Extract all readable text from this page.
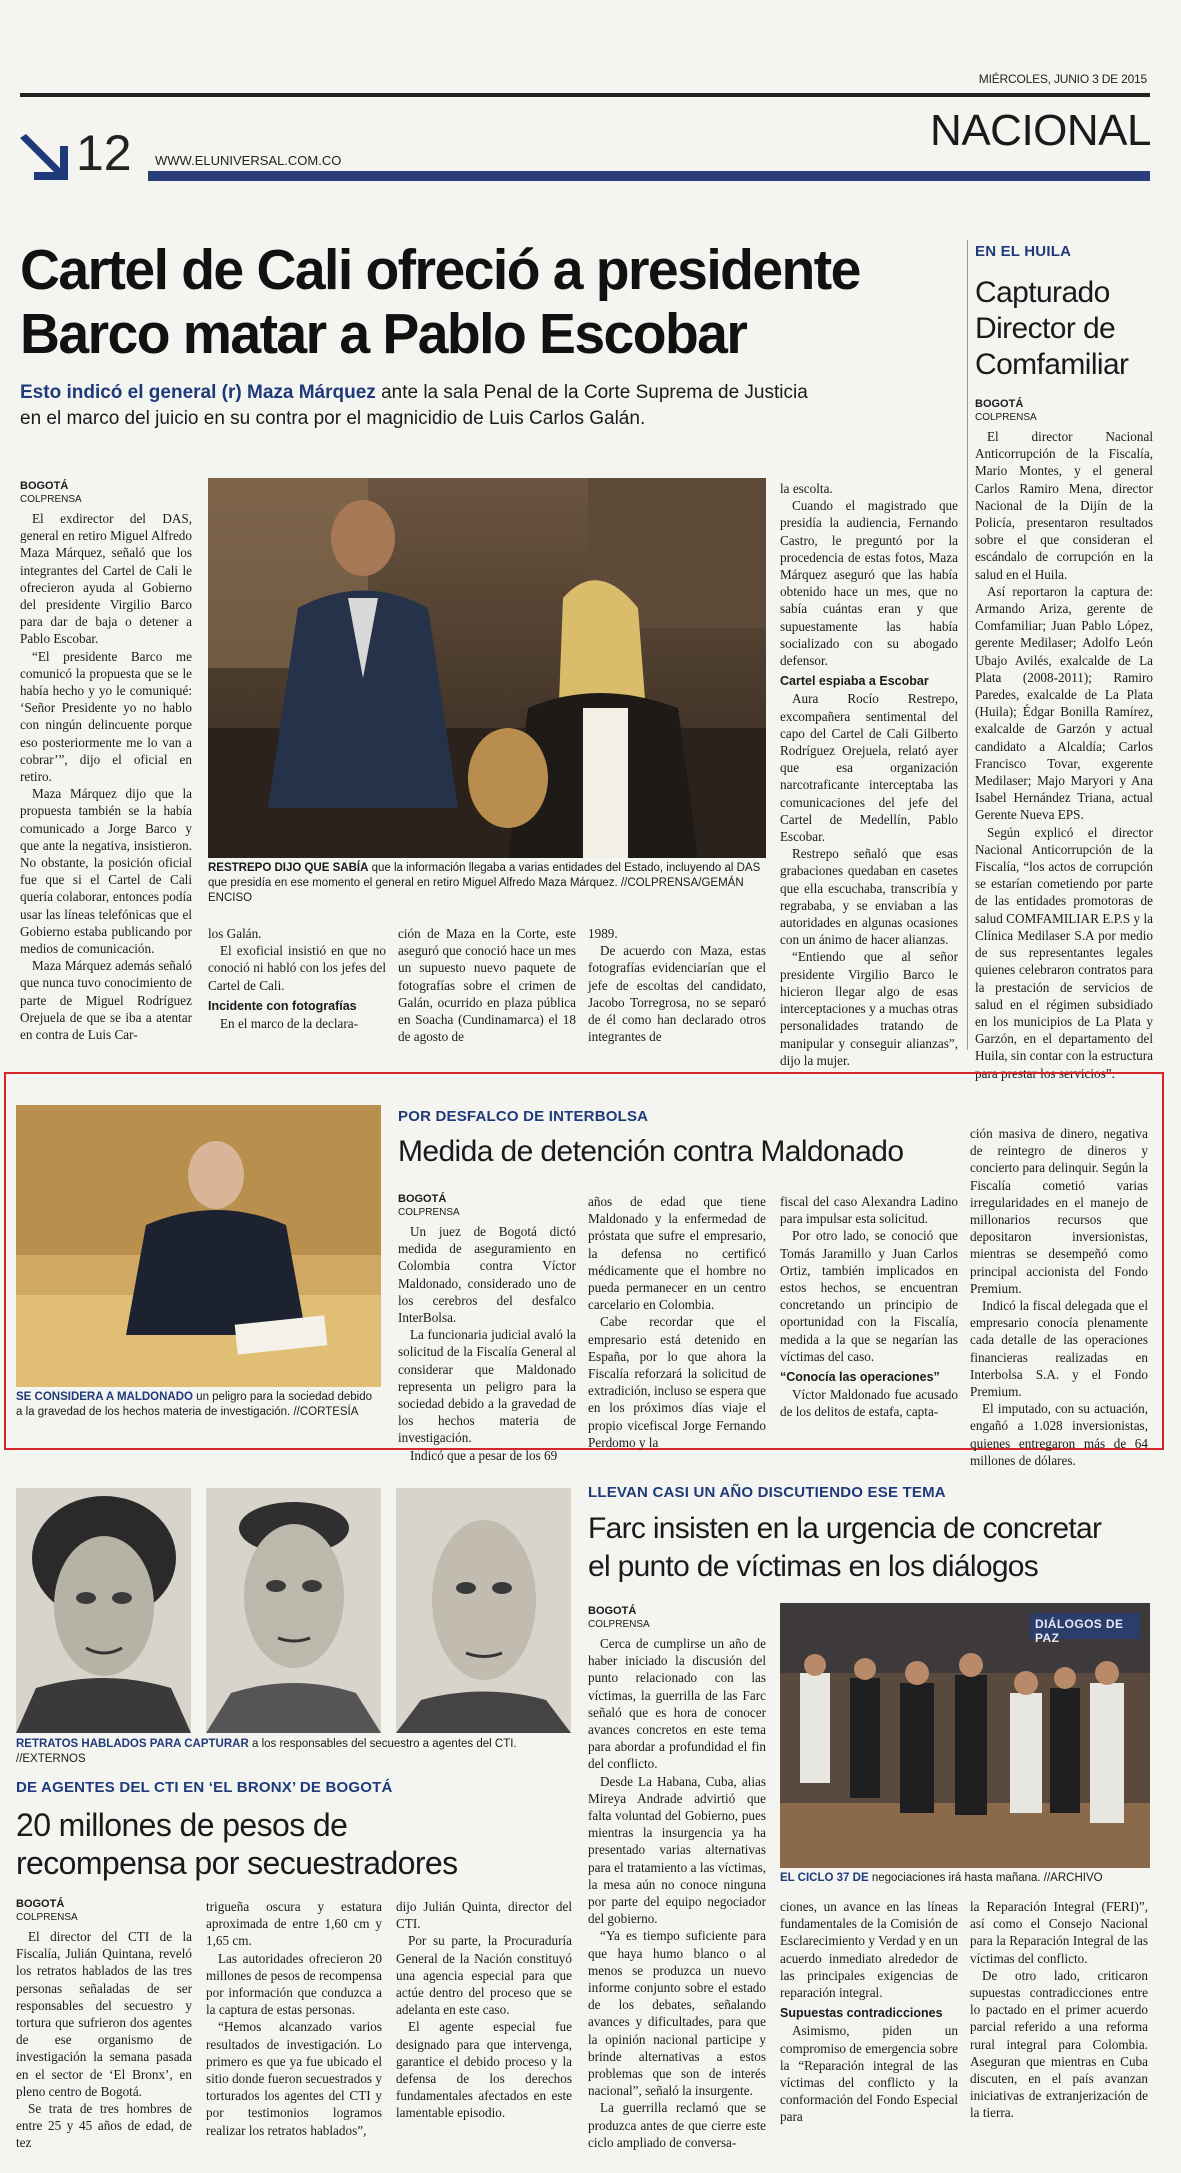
MIÉRCOLES, JUNIO 3 DE 2015
12 WWW.ELUNIVERSAL.COM.CO
NACIONAL
Cartel de Cali ofreció a presidente
Barco matar a Pablo Escobar
Esto indicó el general (r) Maza Márquez ante la sala Penal de la Corte Suprema de Justicia en el marco del juicio en su contra por el magnicidio de Luis Carlos Galán.
BOGOTÁ
COLPRENSA

El exdirector del DAS, general en retiro Miguel Alfredo Maza Márquez, señaló que los integrantes del Cartel de Cali le ofrecieron ayuda al Gobierno del presidente Virgilio Barco para dar de baja o detener a Pablo Escobar.

“El presidente Barco me comunicó la propuesta que se le había hecho y yo le comuniqué: ‘Señor Presidente yo no hablo con ningún delincuente porque eso posteriormente me lo van a cobrar’”, dijo el oficial en retiro.

Maza Márquez dijo que la propuesta también se la había comunicado a Jorge Barco y que ante la negativa, insistieron. No obstante, la posición oficial fue que si el Cartel de Cali quería colaborar, entonces podía usar las líneas telefónicas que el Gobierno estaba publicando por medios de comunicación.

Maza Márquez además señaló que nunca tuvo conocimiento de parte de Miguel Rodríguez Orejuela de que se iba a atentar en contra de Luis Car-

RESTREPO DIJO QUE SABÍA que la información llegaba a varias entidades del Estado, incluyendo al DAS que presidía en ese momento el general en retiro Miguel Alfredo Maza Márquez. //COLPRENSA/GEMÁN ENCISO

los Galán.

El exoficial insistió en que no conoció ni habló con los jefes del Cartel de Cali.

Incidente con fotografías

En el marco de la declara-

ción de Maza en la Corte, este aseguró que conoció hace un mes un supuesto nuevo paquete de fotografías sobre el crimen de Galán, ocurrido en plaza pública en Soacha (Cundinamarca) el 18 de agosto de

1989.

De acuerdo con Maza, estas fotografías evidenciarían que el jefe de escoltas del candidato, Jacobo Torregrosa, no se separó de él como han declarado otros integrantes de

la escolta.

Cuando el magistrado que presidía la audiencia, Fernando Castro, le preguntó por la procedencia de estas fotos, Maza Márquez aseguró que las había obtenido hace un mes, que no sabía cuántas eran y que supuestamente las había socializado con su abogado defensor.

Cartel espiaba a Escobar

Aura Rocío Restrepo, excompañera sentimental del capo del Cartel de Cali Gilberto Rodríguez Orejuela, relató ayer que esa organización narcotraficante interceptaba las comunicaciones del jefe del Cartel de Medellín, Pablo Escobar.

Restrepo señaló que esas grabaciones quedaban en casetes que ella escuchaba, transcribía y regrababa, y se enviaban a las autoridades en algunas ocasiones con un ánimo de hacer alianzas.

“Entiendo que al señor presidente Virgilio Barco le hicieron llegar algo de esas interceptaciones y a muchas otras personalidades tratando de manipular y conseguir alianzas”, dijo la mujer.

EN EL HUILA
Capturado Director de Comfamiliar
BOGOTÁ
COLPRENSA

El director Nacional Anticorrupción de la Fiscalía, Mario Montes, y el general Carlos Ramiro Mena, director Nacional de la Dijín de la Policía, presentaron resultados sobre el que consideran el escándalo de corrupción en la salud en el Huila.

Así reportaron la captura de: Armando Ariza, gerente de Comfamiliar; Juan Pablo López, gerente Medilaser; Adolfo León Ubajo Avilés, exalcalde de La Plata (2008-2011); Ramiro Paredes, exalcalde de La Plata (Huila); Édgar Bonilla Ramírez, exalcalde de Garzón y actual candidato a Alcaldía; Carlos Francisco Tovar, exgerente Medilaser; Majo Maryori y Ana Isabel Hernández Triana, actual Gerente Nueva EPS.

Según explicó el director Nacional Anticorrupción de la Fiscalía, “los actos de corrupción se estarían cometiendo por parte de las entidades promotoras de salud COMFAMILIAR E.P.S y la Clínica Medilaser S.A por medio de sus representantes legales quienes celebraron contratos para la prestación de servicios de salud en el régimen subsidiado en los municipios de La Plata y Garzón, en el departamento del Huila, sin contar con la estructura para prestar los servicios”.

SE CONSIDERA A MALDONADO un peligro para la sociedad debido a la gravedad de los hechos materia de investigación. //CORTESÍA
POR DESFALCO DE INTERBOLSA
Medida de detención contra Maldonado
BOGOTÁ
COLPRENSA

Un juez de Bogotá dictó medida de aseguramiento en Colombia contra Víctor Maldonado, considerado uno de los cerebros del desfalco InterBolsa.

La funcionaria judicial avaló la solicitud de la Fiscalía General al considerar que Maldonado representa un peligro para la sociedad debido a la gravedad de los hechos materia de investigación.

Indicó que a pesar de los 69

años de edad que tiene Maldonado y la enfermedad de próstata que sufre el empresario, la defensa no certificó médicamente que el hombre no pueda permanecer en un centro carcelario en Colombia.

Cabe recordar que el empresario está detenido en España, por lo que ahora la Fiscalía reforzará la solicitud de extradición, incluso se espera que en los próximos días viaje el propio vicefiscal Jorge Fernando Perdomo y la

fiscal del caso Alexandra Ladino para impulsar esta solicitud.

Por otro lado, se conoció que Tomás Jaramillo y Juan Carlos Ortiz, también implicados en estos hechos, se encuentran concretando un principio de oportunidad con la Fiscalía, medida a la que se negarían las víctimas del caso.

“Conocía las operaciones”

Víctor Maldonado fue acusado de los delitos de estafa, capta-

ción masiva de dinero, negativa de reintegro de dineros y concierto para delinquir. Según la Fiscalía cometió varias irregularidades en el manejo de millonarios recursos que depositaron inversionistas, mientras se desempeñó como principal accionista del Fondo Premium.

Indicó la fiscal delegada que el empresario conocía plenamente cada detalle de las operaciones financieras realizadas en Interbolsa S.A. y el Fondo Premium.

El imputado, con su actuación, engañó a 1.028 inversionistas, quienes entregaron más de 64 millones de dólares.

RETRATOS HABLADOS PARA CAPTURAR a los responsables del secuestro a agentes del CTI. //EXTERNOS
DE AGENTES DEL CTI EN ‘EL BRONX’ DE BOGOTÁ
20 millones de pesos de
recompensa por secuestradores
BOGOTÁ
COLPRENSA

El director del CTI de la Fiscalía, Julián Quintana, reveló los retratos hablados de las tres personas señaladas de ser responsables del secuestro y tortura que sufrieron dos agentes de ese organismo de investigación la semana pasada en el sector de ‘El Bronx’, en pleno centro de Bogotá.

Se trata de tres hombres de entre 25 y 45 años de edad, de tez

trigueña oscura y estatura aproximada de entre 1,60 cm y 1,65 cm.

Las autoridades ofrecieron 20 millones de pesos de recompensa por información que conduzca a la captura de estas personas.

“Hemos alcanzado varios resultados de investigación. Lo primero es que ya fue ubicado el sitio donde fueron secuestrados y torturados los agentes del CTI y por testimonios logramos realizar los retratos hablados”,

dijo Julián Quinta, director del CTI.

Por su parte, la Procuraduría General de la Nación constituyó una agencia especial para que actúe dentro del proceso que se adelanta en este caso.

El agente especial fue designado para que intervenga, garantice el debido proceso y la defensa de los derechos fundamentales afectados en este lamentable episodio.

LLEVAN CASI UN AÑO DISCUTIENDO ESE TEMA
Farc insisten en la urgencia de concretar
el punto de víctimas en los diálogos
BOGOTÁ
COLPRENSA

Cerca de cumplirse un año de haber iniciado la discusión del punto relacionado con las víctimas, la guerrilla de las Farc señaló que es hora de conocer avances concretos en este tema para abordar a profundidad el fin del conflicto.

Desde La Habana, Cuba, alias Mireya Andrade advirtió que falta voluntad del Gobierno, pues mientras la insurgencia ya ha presentado varias alternativas para el tratamiento a las víctimas, la mesa aún no conoce ninguna por parte del equipo negociador del gobierno.

“Ya es tiempo suficiente para que haya humo blanco o al menos se produzca un nuevo informe conjunto sobre el estado de los debates, señalando avances y dificultades, para que la opinión nacional participe y brinde alternativas a estos problemas que son de interés nacional”, señaló la insurgente.

La guerrilla reclamó que se produzca antes de que cierre este ciclo ampliado de conversa-

DIÁLOGOS DE PAZ
EL CICLO 37 DE negociaciones irá hasta mañana. //ARCHIVO

ciones, un avance en las líneas fundamentales de la Comisión de Esclarecimiento y Verdad y en un acuerdo inmediato alrededor de las principales exigencias de reparación integral.

Supuestas contradicciones

Asimismo, piden un compromiso de emergencia sobre la “Reparación integral de las víctimas del conflicto y la conformación del Fondo Especial para

la Reparación Integral (FERI)”, así como el Consejo Nacional para la Reparación Integral de las víctimas del conflicto.

De otro lado, criticaron supuestas contradicciones entre lo pactado en el primer acuerdo parcial referido a una reforma rural integral para Colombia. Aseguran que mientras en Cuba discuten, en el país avanzan iniciativas de extranjerización de la tierra.
